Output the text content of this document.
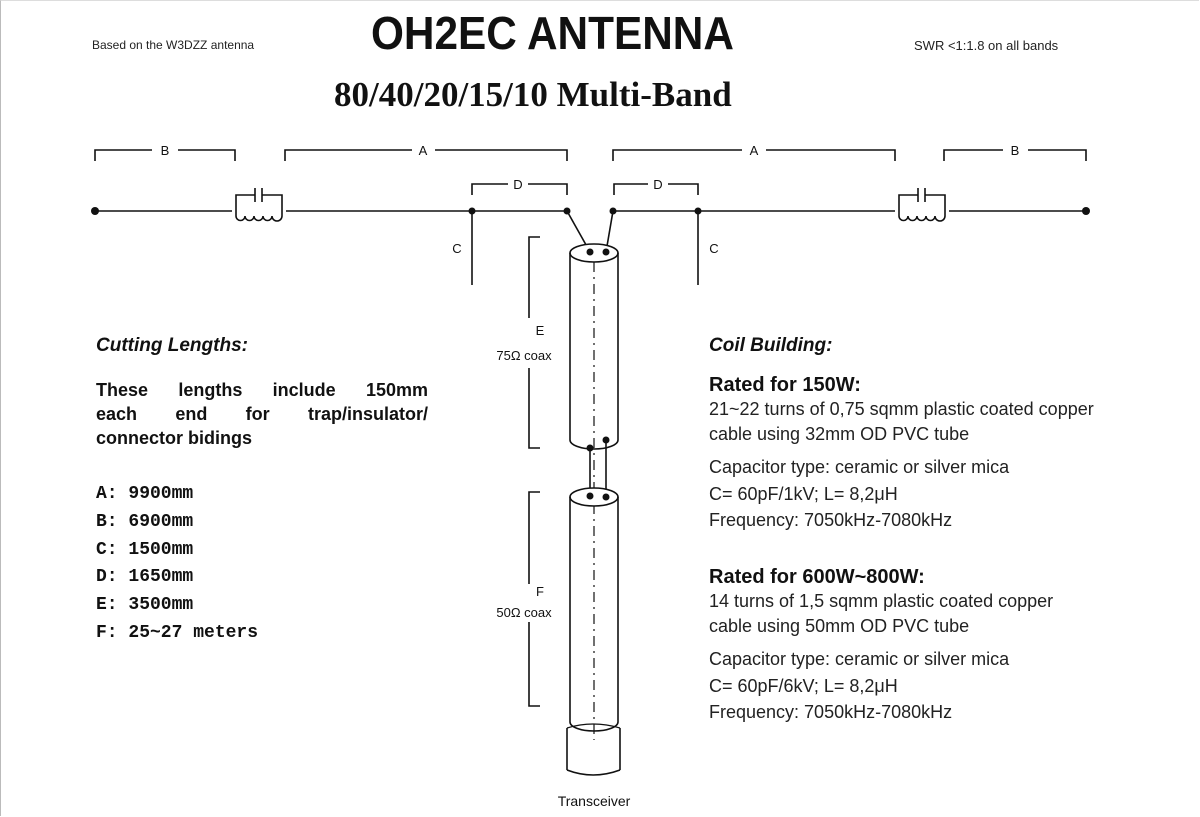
Based on the W3DZZ antenna	OH2EC ANTENNA
80/40/20/15/10 Multi-Band
SWR <1:1.8 on all bands
B	A
D
A
D
B
C	C
E
75Ω coax
F
50Ω coax
Transceiver
Cutting Lengths:
These lengths include 150mm
each end for trap/insulator/
connector bidings
A: 9900mm
B: 6900mm
C: 1500mm
D: 1650mm
E: 3500mm
F: 25~27 meters
Coil Building:
Rated for 150W:
21~22 turns of 0,75 sqmm plastic coated copper
cable using 32mm OD PVC tube
Capacitor type: ceramic or silver mica
C= 60pF/1kV; L= 8,2μH
Frequency: 7050kHz-7080kHz
Rated for 600W~800W:
14 turns of 1,5 sqmm plastic coated copper
cable using 50mm OD PVC tube
Capacitor type: ceramic or silver mica
C= 60pF/6kV; L= 8,2μH
Frequency: 7050kHz-7080kHz
